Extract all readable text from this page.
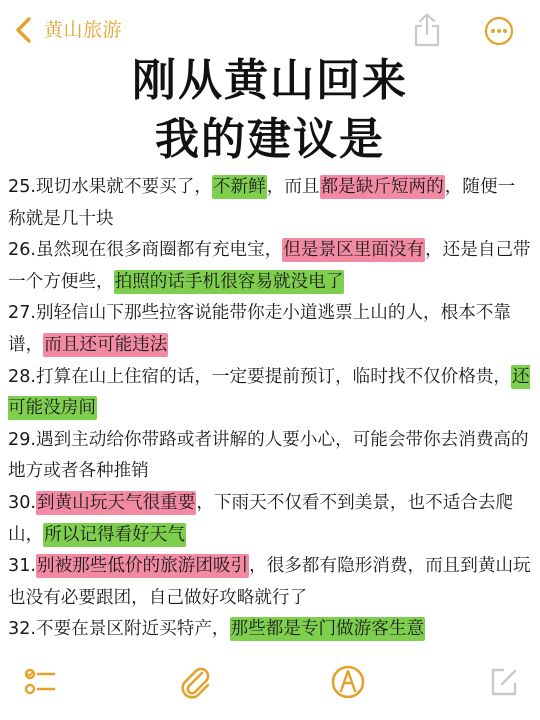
黄山旅游
刚从黄山回来
我的建议是

25.现切水果就不要买了，不新鲜，而且都是缺斤短两的，随便一称就是几十块

26.虽然现在很多商圈都有充电宝，但是景区里面没有，还是自己带一个方便些，拍照的话手机很容易就没电了

27.别轻信山下那些拉客说能带你走小道逃票上山的人，根本不靠谱，而且还可能违法

28.打算在山上住宿的话，一定要提前预订，临时找不仅价格贵，还可能没房间

29.遇到主动给你带路或者讲解的人要小心，可能会带你去消费高的地方或者各种推销

30.到黄山玩天气很重要，下雨天不仅看不到美景，也不适合去爬山，所以记得看好天气

31.别被那些低价的旅游团吸引，很多都有隐形消费，而且到黄山玩也没有必要跟团，自己做好攻略就行了

32.不要在景区附近买特产，那些都是专门做游客生意
